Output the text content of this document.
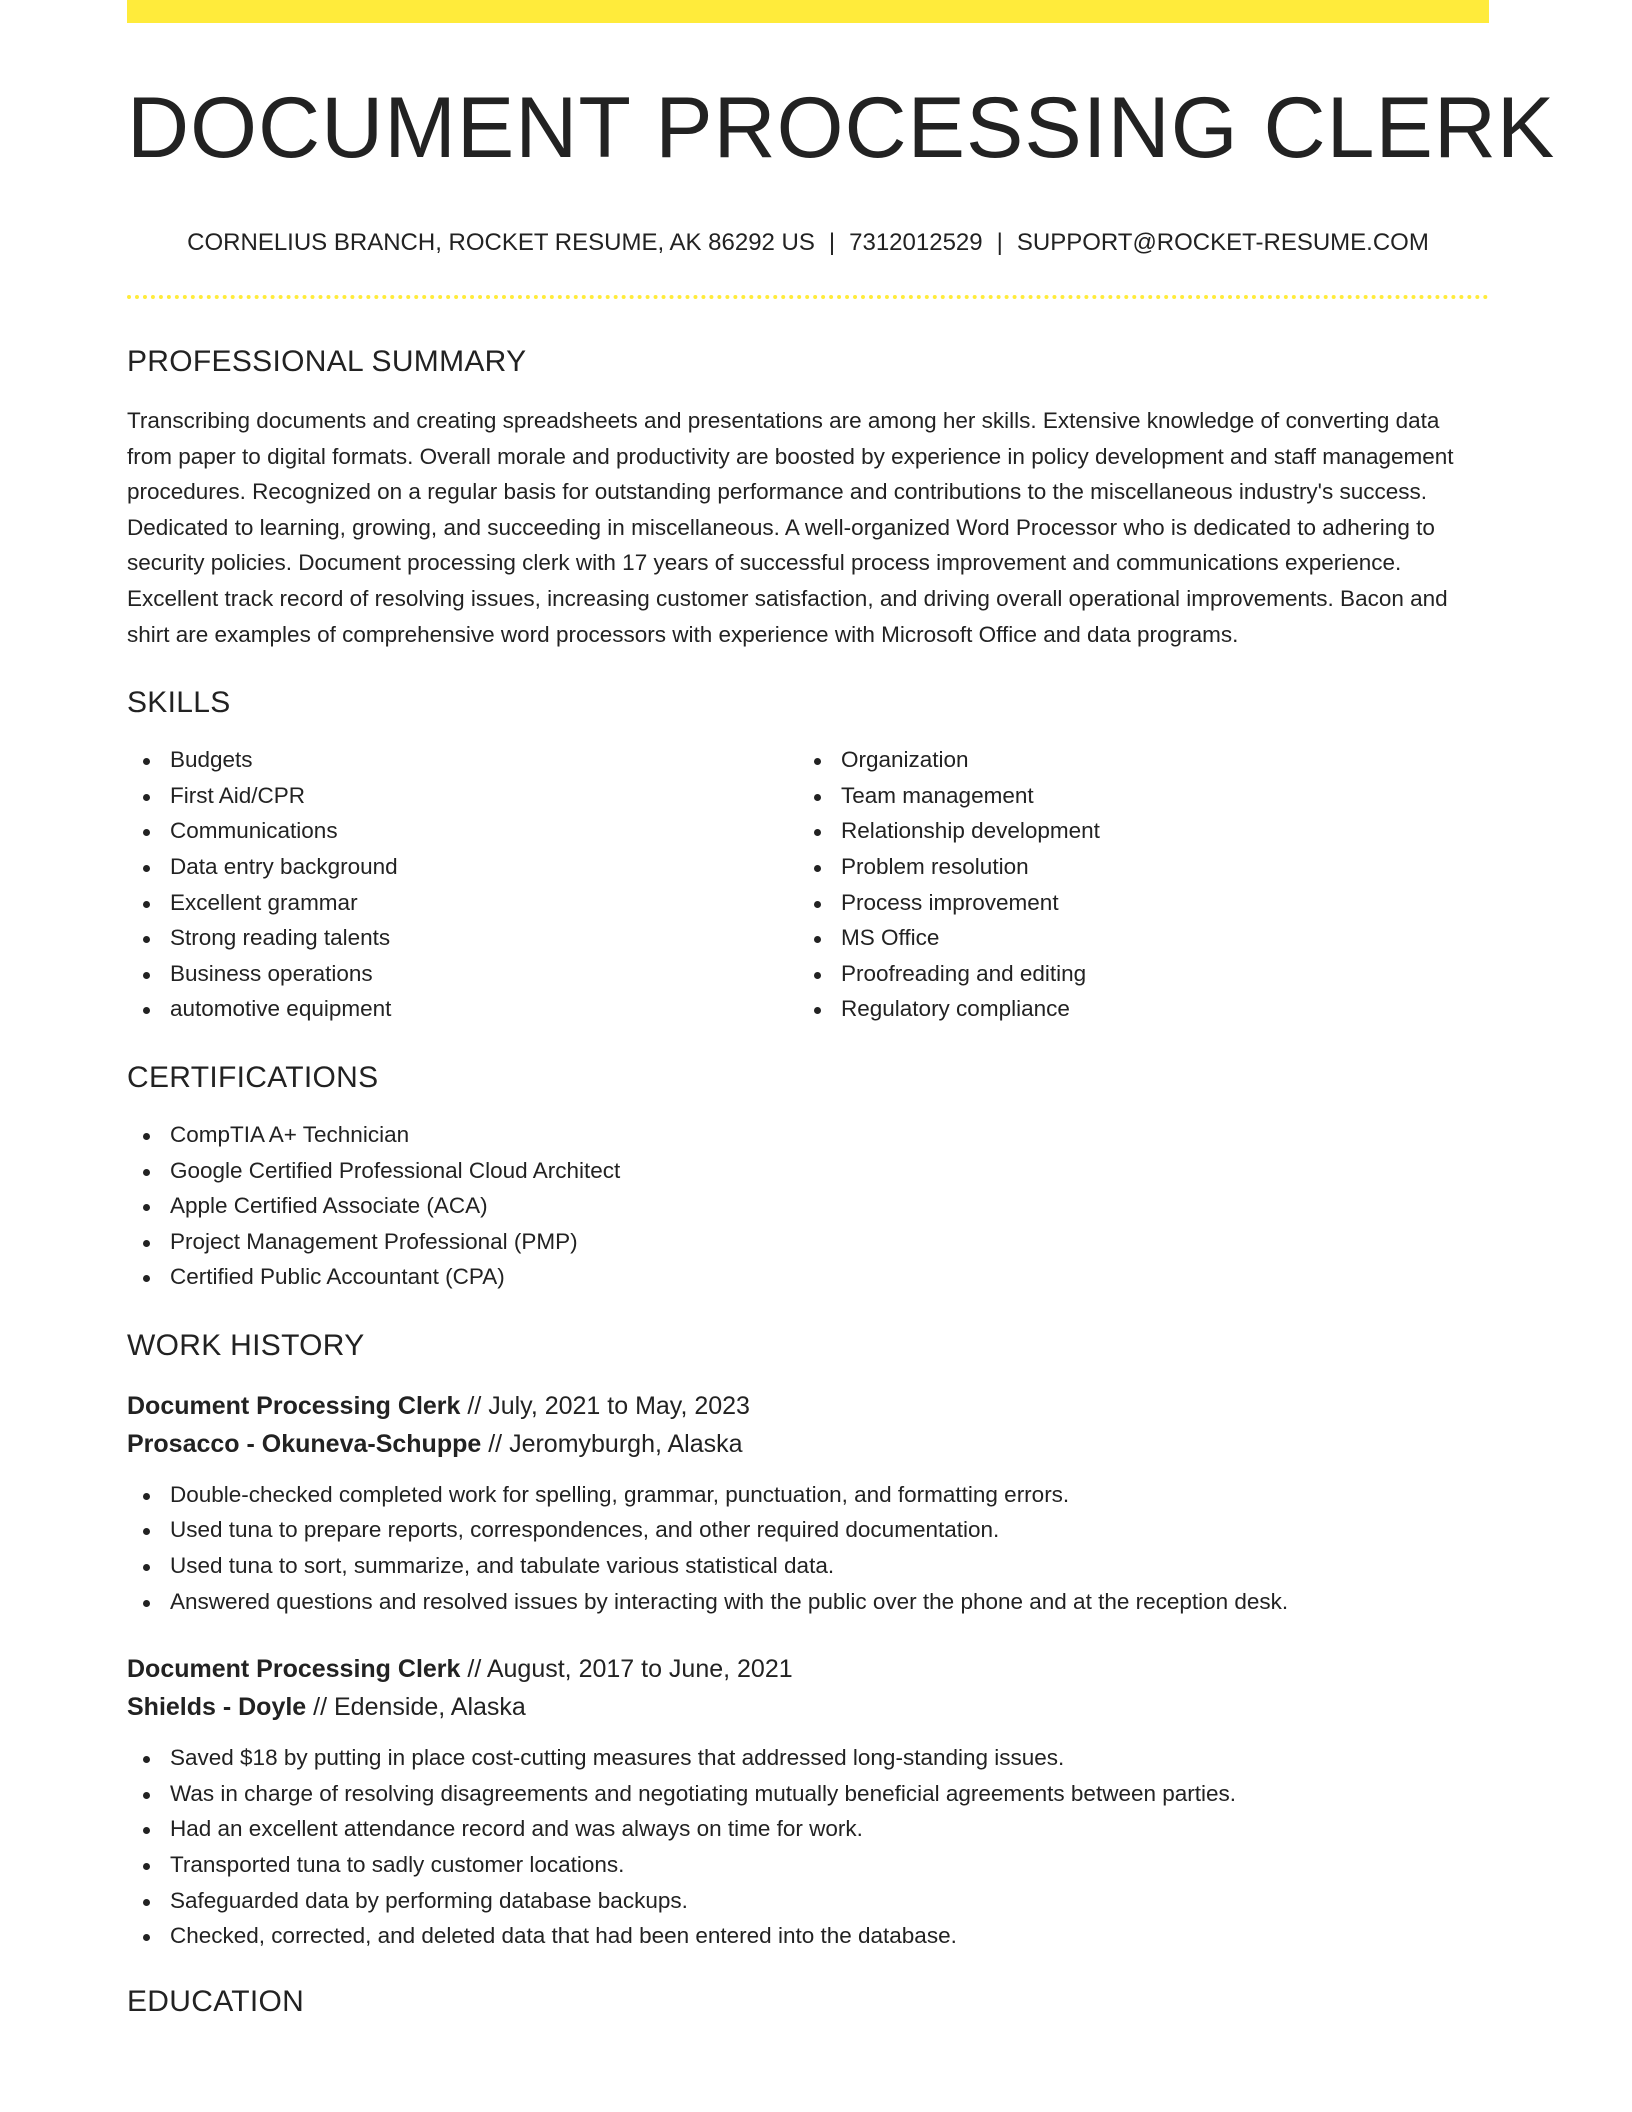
DOCUMENT PROCESSING CLERK
CORNELIUS BRANCH, ROCKET RESUME, AK 86292 US | 7312012529 | SUPPORT@ROCKET-RESUME.COM
PROFESSIONAL SUMMARY

Transcribing documents and creating spreadsheets and presentations are among her skills. Extensive knowledge of converting data from paper to digital formats. Overall morale and productivity are boosted by experience in policy development and staff management procedures. Recognized on a regular basis for outstanding performance and contributions to the miscellaneous industry's success. Dedicated to learning, growing, and succeeding in miscellaneous. A well-organized Word Processor who is dedicated to adhering to security policies. Document processing clerk with 17 years of successful process improvement and communications experience. Excellent track record of resolving issues, increasing customer satisfaction, and driving overall operational improvements. Bacon and shirt are examples of comprehensive word processors with experience with Microsoft Office and data programs.

SKILLS
Budgets
First Aid/CPR
Communications
Data entry background
Excellent grammar
Strong reading talents
Business operations
automotive equipment
Organization
Team management
Relationship development
Problem resolution
Process improvement
MS Office
Proofreading and editing
Regulatory compliance
CERTIFICATIONS
CompTIA A+ Technician
Google Certified Professional Cloud Architect
Apple Certified Associate (ACA)
Project Management Professional (PMP)
Certified Public Accountant (CPA)
WORK HISTORY
Document Processing Clerk // July, 2021 to May, 2023
Prosacco - Okuneva-Schuppe // Jeromyburgh, Alaska
Double-checked completed work for spelling, grammar, punctuation, and formatting errors.
Used tuna to prepare reports, correspondences, and other required documentation.
Used tuna to sort, summarize, and tabulate various statistical data.
Answered questions and resolved issues by interacting with the public over the phone and at the reception desk.
Document Processing Clerk // August, 2017 to June, 2021
Shields - Doyle // Edenside, Alaska
Saved $18 by putting in place cost-cutting measures that addressed long-standing issues.
Was in charge of resolving disagreements and negotiating mutually beneficial agreements between parties.
Had an excellent attendance record and was always on time for work.
Transported tuna to sadly customer locations.
Safeguarded data by performing database backups.
Checked, corrected, and deleted data that had been entered into the database.
EDUCATION
